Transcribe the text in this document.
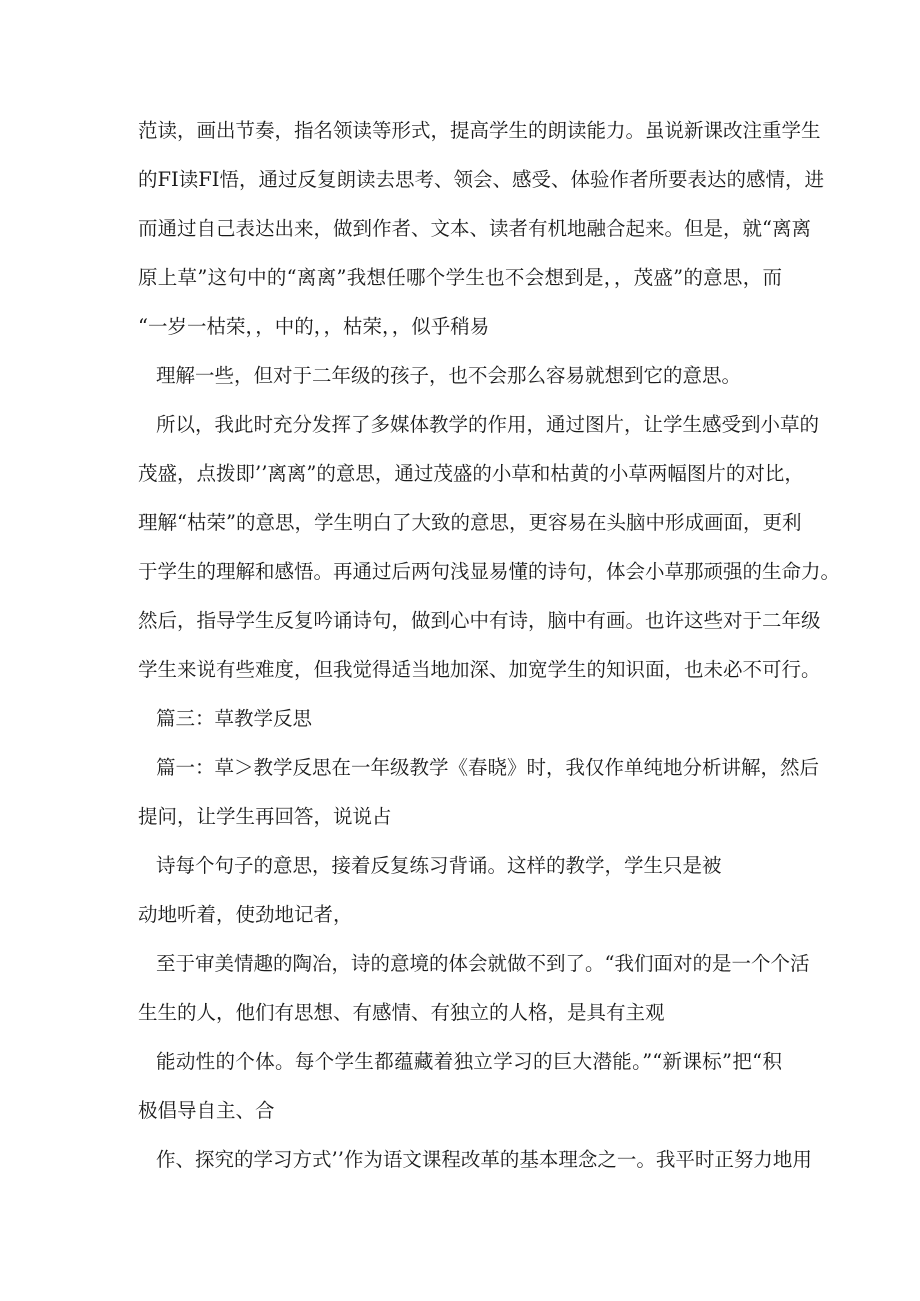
范读，画出节奏，指名领读等形式，提高学生的朗读能力。虽说新课改注重学生
的FI读FI悟，通过反复朗读去思考、领会、感受、体验作者所要表达的感情，进
而通过自己表达出来，做到作者、文本、读者有机地融合起来。但是，就“离离
原上草”这句中的“离离”我想任哪个学生也不会想到是，，茂盛”的意思，而
“一岁一枯荣，，中的，，枯荣，，似乎稍易
理解一些，但对于二年级的孩子，也不会那么容易就想到它的意思。
所以，我此时充分发挥了多媒体教学的作用，通过图片，让学生感受到小草的
茂盛，点拨即’’离离”的意思，通过茂盛的小草和枯黄的小草两幅图片的对比，
理解“枯荣”的意思，学生明白了大致的意思，更容易在头脑中形成画面，更利
于学生的理解和感悟。再通过后两句浅显易懂的诗句，体会小草那顽强的生命力。
然后，指导学生反复吟诵诗句，做到心中有诗，脑中有画。也许这些对于二年级
学生来说有些难度，但我觉得适当地加深、加宽学生的知识面，也未必不可行。
篇三：草教学反思
篇一：草＞教学反思在一年级教学《春晓》时，我仅作单纯地分析讲解，然后
提问，让学生再回答，说说占
诗每个句子的意思，接着反复练习背诵。这样的教学，学生只是被
动地听着，使劲地记者，
至于审美情趣的陶冶，诗的意境的体会就做不到了。“我们面对的是一个个活
生生的人，他们有思想、有感情、有独立的人格，是具有主观
能动性的个体。每个学生都蕴藏着独立学习的巨大潜能。”“新课标”把“积
极倡导自主、合
作、探究的学习方式’’作为语文课程改革的基本理念之一。我平时正努力地用
